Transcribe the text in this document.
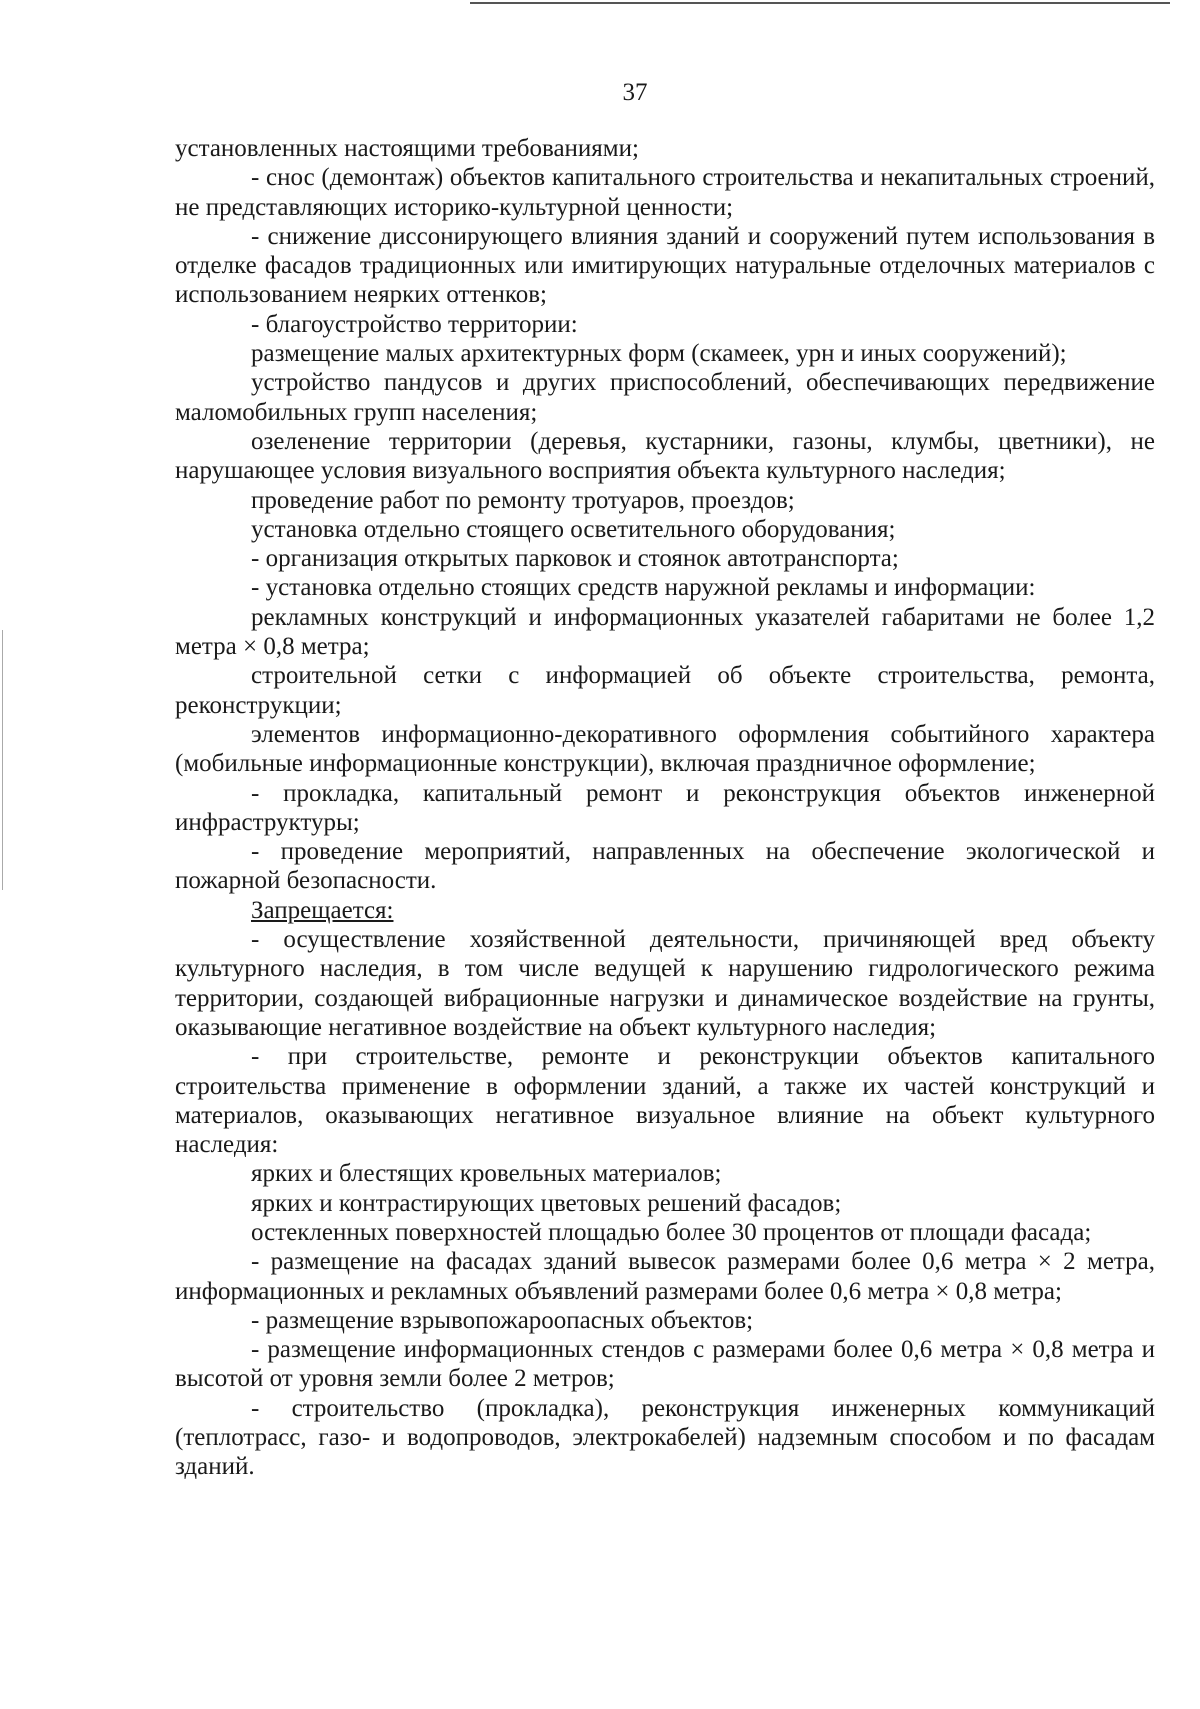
37

установленных настоящими требованиями;

- снос (демонтаж) объектов капитального строительства и некапитальных строений, не представляющих историко-культурной ценности;

- снижение диссонирующего влияния зданий и сооружений путем использования в отделке фасадов традиционных или имитирующих натуральные отделочных материалов с использованием неярких оттенков;

- благоустройство территории:

размещение малых архитектурных форм (скамеек, урн и иных сооружений);

устройство пандусов и других приспособлений, обеспечивающих передвижение маломобильных групп населения;

озеленение территории (деревья, кустарники, газоны, клумбы, цветники), не нарушающее условия визуального восприятия объекта культурного наследия;

проведение работ по ремонту тротуаров, проездов;

установка отдельно стоящего осветительного оборудования;

- организация открытых парковок и стоянок автотранспорта;

- установка отдельно стоящих средств наружной рекламы и информации:

рекламных конструкций и информационных указателей габаритами не более 1,2 метра × 0,8 метра;

строительной сетки с информацией об объекте строительства, ремонта, реконструкции;

элементов информационно-декоративного оформления событийного характера (мобильные информационные конструкции), включая праздничное оформление;

- прокладка, капитальный ремонт и реконструкция объектов инженерной инфраструктуры;

- проведение мероприятий, направленных на обеспечение экологической и пожарной безопасности.

Запрещается:

- осуществление хозяйственной деятельности, причиняющей вред объекту культурного наследия, в том числе ведущей к нарушению гидрологического режима территории, создающей вибрационные нагрузки и динамическое воздействие на грунты, оказывающие негативное воздействие на объект культурного наследия;

- при строительстве, ремонте и реконструкции объектов капитального строительства применение в оформлении зданий, а также их частей конструкций и материалов, оказывающих негативное визуальное влияние на объект культурного наследия:

ярких и блестящих кровельных материалов;

ярких и контрастирующих цветовых решений фасадов;

остекленных поверхностей площадью более 30 процентов от площади фасада;

- размещение на фасадах зданий вывесок размерами более 0,6 метра × 2 метра, информационных и рекламных объявлений размерами более 0,6 метра × 0,8 метра;

- размещение взрывопожароопасных объектов;

- размещение информационных стендов с размерами более 0,6 метра × 0,8 метра и высотой от уровня земли более 2 метров;

- строительство (прокладка), реконструкция инженерных коммуникаций (теплотрасс, газо- и водопроводов, электрокабелей) надземным способом и по фасадам зданий.
